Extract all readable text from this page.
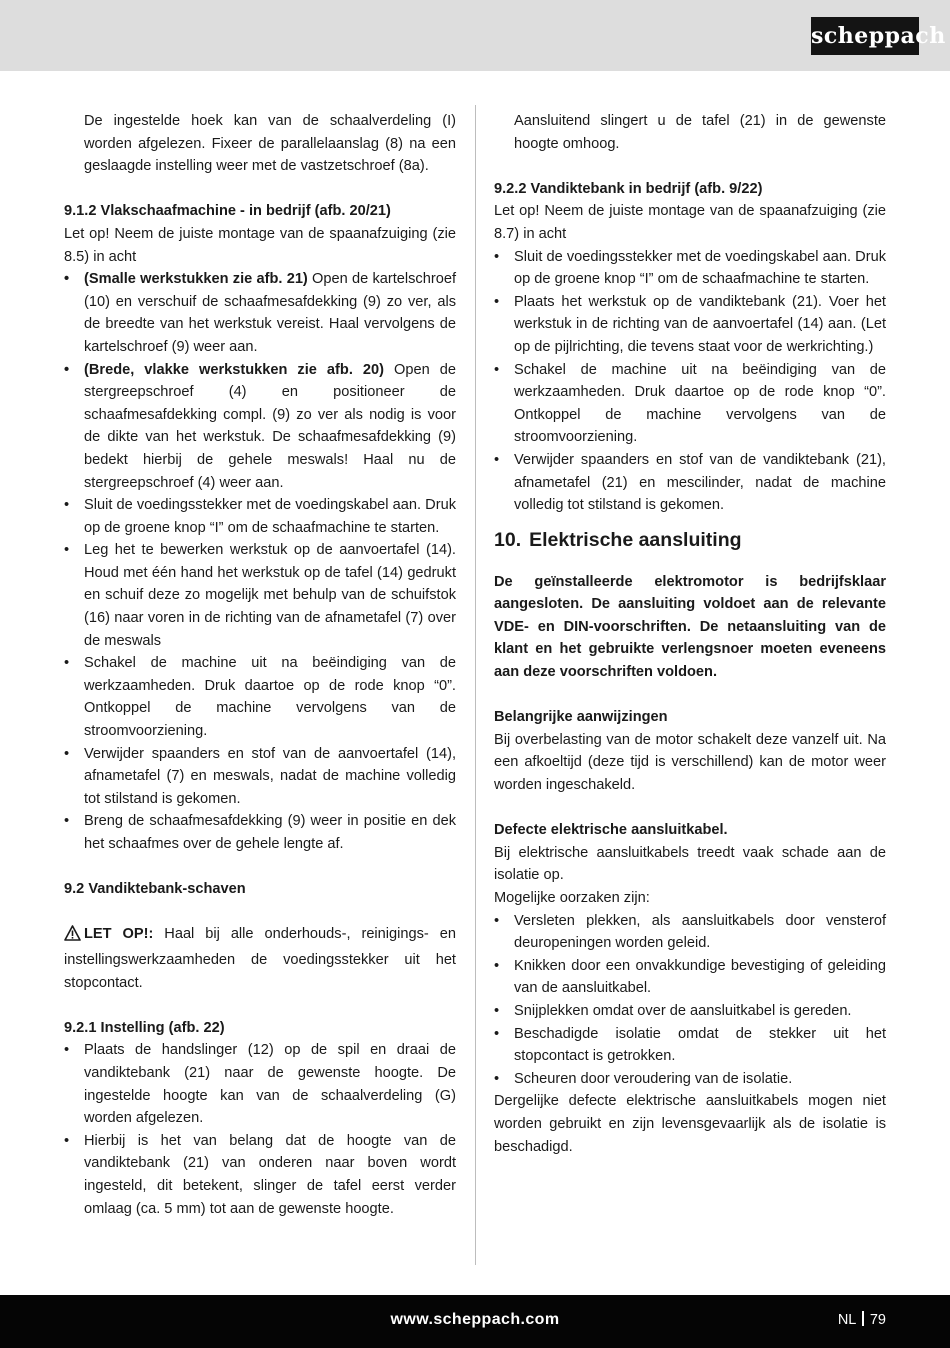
scheppach

De ingestelde hoek kan van de schaalverdeling (I) worden afgelezen. Fixeer de parallelaanslag (8) na een geslaagde instelling weer met de vastzetschroef (8a).

9.1.2 Vlakschaafmachine - in bedrijf (afb. 20/21)

Let op! Neem de juiste montage van de spaanafzuiging (zie 8.5) in acht

• (Smalle werkstukken zie afb. 21) Open de kartelschroef (10) en verschuif de schaafmesafdekking (9) zo ver, als de breedte van het werkstuk vereist. Haal vervolgens de kartelschroef (9) weer aan.
• (Brede, vlakke werkstukken zie afb. 20) Open de stergreepschroef (4) en positioneer de schaafmesafdekking compl. (9) zo ver als nodig is voor de dikte van het werkstuk. De schaafmesafdekking (9) bedekt hierbij de gehele meswals! Haal nu de stergreepschroef (4) weer aan.
• Sluit de voedingsstekker met de voedingskabel aan. Druk op de groene knop “I” om de schaafmachine te starten.
• Leg het te bewerken werkstuk op de aanvoertafel (14). Houd met één hand het werkstuk op de tafel (14) gedrukt en schuif deze zo mogelijk met behulp van de schuifstok (16) naar voren in de richting van de afnametafel (7) over de meswals
• Schakel de machine uit na beëindiging van de werkzaamheden. Druk daartoe op de rode knop “0”. Ontkoppel de machine vervolgens van de stroomvoorziening.
• Verwijder spaanders en stof van de aanvoertafel (14), afnametafel (7) en meswals, nadat de machine volledig tot stilstand is gekomen.
• Breng de schaafmesafdekking (9) weer in positie en dek het schaafmes over de gehele lengte af.

9.2 Vandiktebank-schaven

LET OP!: Haal bij alle onderhouds-, reinigings- en instellingswerkzaamheden de voedingsstekker uit het stopcontact.

9.2.1 Instelling (afb. 22)

• Plaats de handslinger (12) op de spil en draai de vandiktebank (21) naar de gewenste hoogte. De ingestelde hoogte kan van de schaalverdeling (G) worden afgelezen.
• Hierbij is het van belang dat de hoogte van de vandiktebank (21) van onderen naar boven wordt ingesteld, dit betekent, slinger de tafel eerst verder omlaag (ca. 5 mm) tot aan de gewenste hoogte.

Aansluitend slingert u de tafel (21) in de gewenste hoogte omhoog.

9.2.2 Vandiktebank in bedrijf (afb. 9/22)

Let op! Neem de juiste montage van de spaanafzuiging (zie 8.7) in acht

• Sluit de voedingsstekker met de voedingskabel aan. Druk op de groene knop “I” om de schaafmachine te starten.
• Plaats het werkstuk op de vandiktebank (21). Voer het werkstuk in de richting van de aanvoertafel (14) aan. (Let op de pijlrichting, die tevens staat voor de werkrichting.)
• Schakel de machine uit na beëindiging van de werkzaamheden. Druk daartoe op de rode knop “0”. Ontkoppel de machine vervolgens van de stroomvoorziening.
• Verwijder spaanders en stof van de vandiktebank (21), afnametafel (21) en mescilinder, nadat de machine volledig tot stilstand is gekomen.
10. Elektrische aansluiting

De geïnstalleerde elektromotor is bedrijfsklaar aangesloten. De aansluiting voldoet aan de relevante VDE- en DIN-voorschriften. De netaansluiting van de klant en het gebruikte verlengsnoer moeten eveneens aan deze voorschriften voldoen.

Belangrijke aanwijzingen

Bij overbelasting van de motor schakelt deze vanzelf uit. Na een afkoeltijd (deze tijd is verschillend) kan de motor weer worden ingeschakeld.

Defecte elektrische aansluitkabel.

Bij elektrische aansluitkabels treedt vaak schade aan de isolatie op.

Mogelijke oorzaken zijn:

• Versleten plekken, als aansluitkabels door vensterof deuropeningen worden geleid.
• Knikken door een onvakkundige bevestiging of geleiding van de aansluitkabel.
• Snijplekken omdat over de aansluitkabel is gereden.
• Beschadigde isolatie omdat de stekker uit het stopcontact is getrokken.
• Scheuren door veroudering van de isolatie.

Dergelijke defecte elektrische aansluitkabels mogen niet worden gebruikt en zijn levensgevaarlijk als de isolatie is beschadigd.

www.scheppach.com	NL 79
